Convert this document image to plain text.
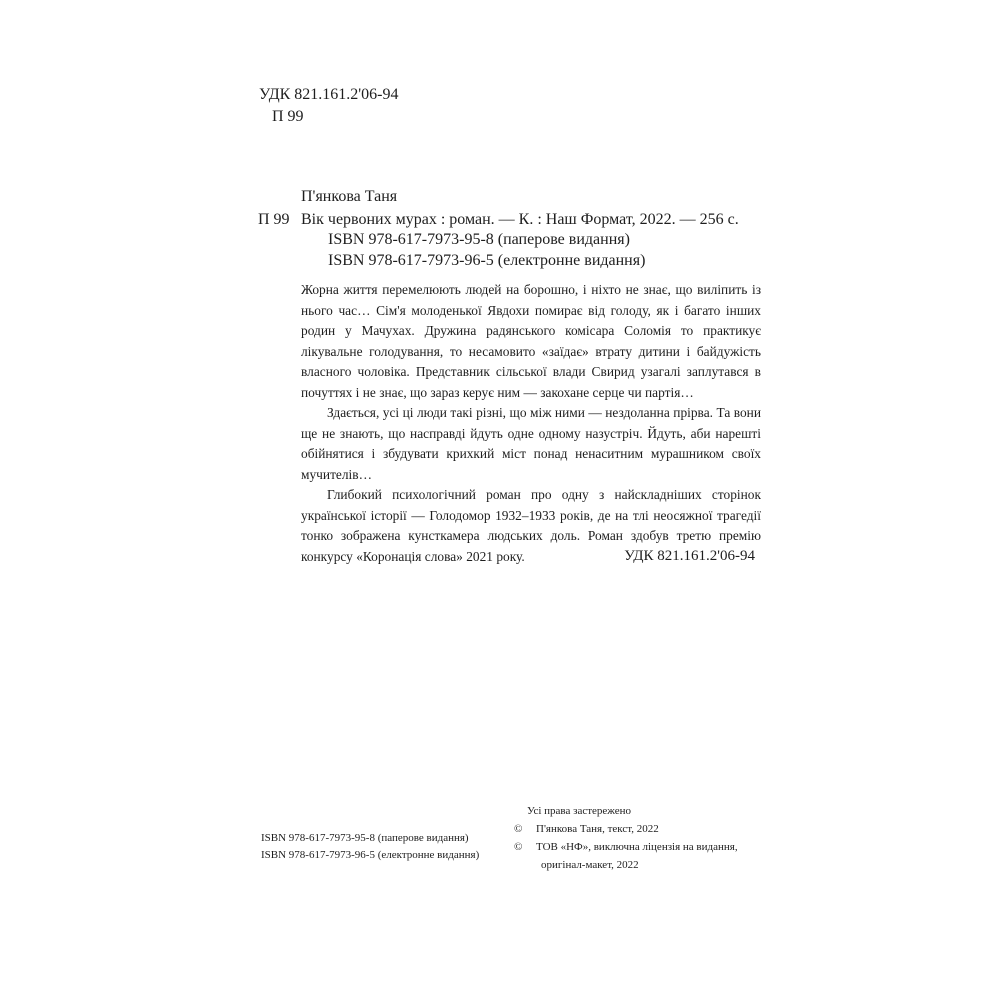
УДК 821.161.2'06-94
П 99
П'янкова Таня
П 99 Вік червоних мурах : роман. — К. : Наш Формат, 2022. — 256 с.
ISBN 978-617-7973-95-8 (паперове видання)
ISBN 978-617-7973-96-5 (електронне видання)

Жорна життя перемелюють людей на борошно, і ніхто не знає, що виліпить із нього час… Сім'я молоденької Явдохи помирає від голоду, як і багато інших родин у Мачухах. Дружина радянського комісара Соломія то практикує лікувальне голодування, то несамовито «заїдає» втрату дитини і байдужість власного чоловіка. Представник сільської влади Свирид узагалі заплутався в почуттях і не знає, що зараз керує ним — закохане серце чи партія…

Здається, усі ці люди такі різні, що між ними — нездоланна прірва. Та вони ще не знають, що насправді йдуть одне одному назустріч. Йдуть, аби нарешті обійнятися і збудувати крихкий міст понад ненаситним мурашником своїх мучителів…

Глибокий психологічний роман про одну з найскладніших сторінок української історії — Голодомор 1932–1933 років, де на тлі неосяжної трагедії тонко зображена кунсткамера людських доль. Роман здобув третю премію конкурсу «Коронація слова» 2021 року.	УДК 821.161.2'06-94
Усі права застережено
© П'янкова Таня, текст, 2022
© ТОВ «НФ», виключна ліцензія на видання,
оригінал-макет, 2022
ISBN 978-617-7973-95-8 (паперове видання)
ISBN 978-617-7973-96-5 (електронне видання)
